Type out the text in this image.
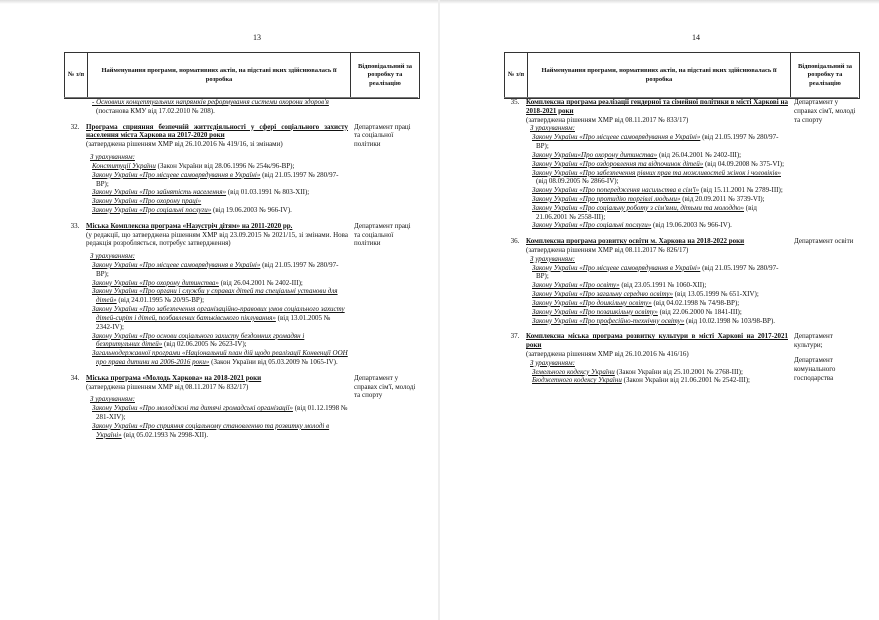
13
№ з/п
Найменування програми, нормативних актів, на підставі яких здійснювалась її розробка
Відповідальний за розробку та реалізацію
- Основних концептуальних напрямків реформування системи охорони здоров'я (постанова КМУ від 17.02.2010 № 208).
32. Програма сприяння безпечній життєдіяльності у сфері соціального захисту населення міста Харкова на 2017-2020 роки
(затверджена рішенням ХМР від 26.10.2016 № 419/16, зі змінами)
З урахуванням:
Конституції України (Закон України від 28.06.1996 № 254к/96-ВР);
Закону України «Про місцеве самоврядування в Україні» (від 21.05.1997 № 280/97-ВР);
Закону України «Про зайнятість населення» (від 01.03.1991 № 803-XII);
Закону України «Про охорону праці»
Закону України «Про соціальні послуги» (від 19.06.2003 № 966-IV).
Департамент праці та соціальної політики
33. Міська Комплексна програма «Назустріч дітям» на 2011-2020 рр.
(у редакції, що затверджена рішенням ХМР від 23.09.2015 № 2021/15, зі змінами. Нова редакція розробляється, потребує затвердження)
З урахуванням:
Закону України «Про місцеве самоврядування в Україні» (від 21.05.1997 № 280/97-ВР);
Закону України «Про охорону дитинства» (від 26.04.2001 № 2402-III);
Закону України «Про органи і служби у справах дітей та спеціальні установи для дітей» (від 24.01.1995 № 20/95-ВР);
Закону України «Про забезпечення організаційно-правових умов соціального захисту дітей-сиріт і дітей, позбавлених батьківського піклування» (від 13.01.2005 № 2342-IV);
Закону України «Про основи соціального захисту бездомних громадян і безпритульних дітей» (від 02.06.2005 № 2623-IV);
Загальнодержавної програми «Національний план дій щодо реалізації Конвенції ООН про права дитини на 2006-2016 роки» (Закон України від 05.03.2009 № 1065-IV).
Департамент праці та соціальної політики
34. Міська програма «Молодь Харкова» на 2018-2021 роки
(затверджена рішенням ХМР від 08.11.2017 № 832/17)
З урахуванням:
Закону України «Про молодіжні та дитячі громадські організації» (від 01.12.1998 № 281-XIV);
Закону України «Про сприяння соціальному становленню та розвитку молоді в Україні» (від 05.02.1993 № 2998-XII).
Департамент у справах сім'ї, молоді та спорту
14
№ з/п
Найменування програми, нормативних актів, на підставі яких здійснювалась її розробка
Відповідальний за розробку та реалізацію
35. Комплексна програма реалізації гендерної та сімейної політики в місті Харкові на 2018-2021 роки
(затверджена рішенням ХМР від 08.11.2017 № 833/17)
З урахуванням:
Закону України «Про місцеве самоврядування в Україні» (від 21.05.1997 № 280/97-ВР);
Закону України«Про охорону дитинства» (від 26.04.2001 № 2402-III);
Закону України «Про оздоровлення та відпочинок дітей» (від 04.09.2008 № 375-VI);
Закону України «Про забезпечення рівних прав та можливостей жінок і чоловіків» (від 08.09.2005 № 2866-IV);
Закону України «Про попередження насильства в сім'ї» (від 15.11.2001 № 2789-III);
Закону України «Про протидію торгівлі людьми» (від 20.09.2011 № 3739-VI);
Закону України «Про соціальну роботу з сім'ями, дітьми та молоддю» (від 21.06.2001 № 2558-III);
Закону України «Про соціальні послуги» (від 19.06.2003 № 966-IV).
Департамент у справах сім'ї, молоді та спорту
36. Комплексна програма розвитку освіти м. Харкова на 2018-2022 роки
(затверджена рішенням ХМР від 08.11.2017 № 826/17)
З урахуванням:
Закону України «Про місцеве самоврядування в Україні» (від 21.05.1997 № 280/97-ВР);
Закону України «Про освіту» (від 23.05.1991 № 1060-XII);
Закону України «Про загальну середню освіту» (від 13.05.1999 № 651-XIV);
Закону України «Про дошкільну освіту» (від 04.02.1998 № 74/98-ВР);
Закону України «Про позашкільну освіту» (від 22.06.2000 № 1841-III);
Закону України «Про професійно-технічну освіту» (від 10.02.1998 № 103/98-ВР).
Департамент освіти
37. Комплексна міська програма розвитку культури в місті Харкові на 2017-2021 роки
(затверджена рішенням ХМР від 26.10.2016 № 416/16)
З урахуванням:
Земельного кодексу України (Закон України від 25.10.2001 № 2768-III);
Бюджетного кодексу України (Закон України від 21.06.2001 № 2542-III);
Департамент культури;
Департамент комунального господарства
